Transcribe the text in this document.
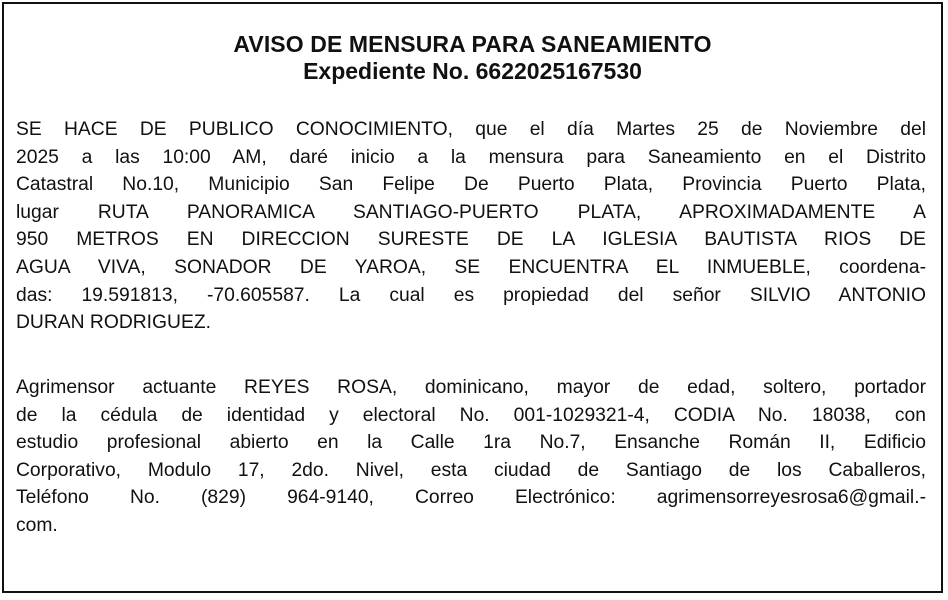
AVISO DE MENSURA PARA SANEAMIENTO
Expediente No. 6622025167530
SE HACE DE PUBLICO CONOCIMIENTO, que el día Martes 25 de Noviembre del
2025 a las 10:00 AM, daré inicio a la mensura para Saneamiento en el Distrito
Catastral No.10, Municipio San Felipe De Puerto Plata, Provincia Puerto Plata,
lugar RUTA PANORAMICA SANTIAGO-PUERTO PLATA, APROXIMADAMENTE A
950 METROS EN DIRECCION SURESTE DE LA IGLESIA BAUTISTA RIOS DE
AGUA VIVA, SONADOR DE YAROA, SE ENCUENTRA EL INMUEBLE, coordena-
das: 19.591813, -70.605587. La cual es propiedad del señor SILVIO ANTONIO
DURAN RODRIGUEZ.
Agrimensor actuante REYES ROSA, dominicano, mayor de edad, soltero, portador
de la cédula de identidad y electoral No. 001-1029321-4, CODIA No. 18038, con
estudio profesional abierto en la Calle 1ra No.7, Ensanche Román II, Edificio
Corporativo, Modulo 17, 2do. Nivel, esta ciudad de Santiago de los Caballeros,
Teléfono No. (829) 964-9140, Correo Electrónico: agrimensorreyesrosa6@gmail.-
com.
